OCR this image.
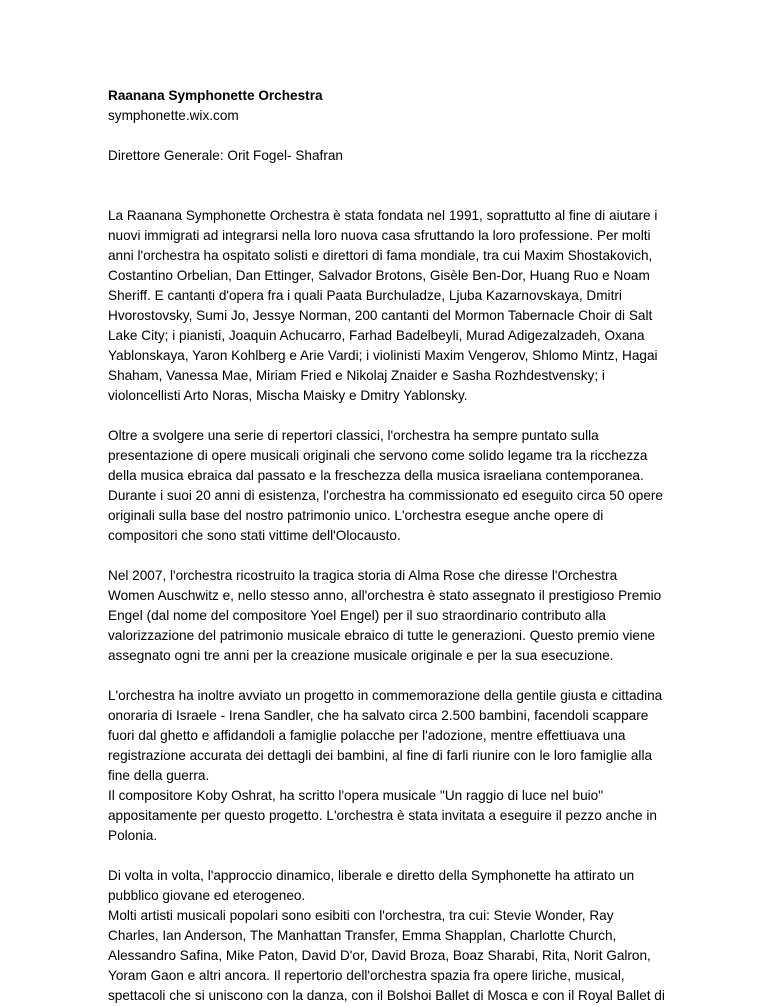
Raanana Symphonette Orchestra
symphonette.wix.com
Direttore Generale: Orit Fogel- Shafran

La Raanana Symphonette Orchestra è stata fondata nel 1991, soprattutto al fine di aiutare i
nuovi immigrati ad integrarsi nella loro nuova casa sfruttando la loro professione. Per molti
anni l'orchestra ha ospitato solisti e direttori di fama mondiale, tra cui Maxim Shostakovich,
Costantino Orbelian, Dan Ettinger, Salvador Brotons, Gisèle Ben-Dor, Huang Ruo e Noam
Sheriff. E cantanti d'opera fra i quali Paata Burchuladze, Ljuba Kazarnovskaya, Dmitri
Hvorostovsky, Sumi Jo, Jessye Norman, 200 cantanti del Mormon Tabernacle Choir di Salt
Lake City; i pianisti, Joaquin Achucarro, Farhad Badelbeyli, Murad Adigezalzadeh, Oxana
Yablonskaya, Yaron Kohlberg e Arie Vardi; i violinisti Maxim Vengerov, Shlomo Mintz, Hagai
Shaham, Vanessa Mae, Miriam Fried e Nikolaj Znaider e Sasha Rozhdestvensky; i
violoncellisti Arto Noras, Mischa Maisky e Dmitry Yablonsky.

Oltre a svolgere una serie di repertori classici, l'orchestra ha sempre puntato sulla
presentazione di opere musicali originali che servono come solido legame tra la ricchezza
della musica ebraica dal passato e la freschezza della musica israeliana contemporanea.
Durante i suoi 20 anni di esistenza, l'orchestra ha commissionato ed eseguito circa 50 opere
originali sulla base del nostro patrimonio unico. L'orchestra esegue anche opere di
compositori che sono stati vittime dell'Olocausto.

Nel 2007, l'orchestra ricostruito la tragica storia di Alma Rose che diresse l'Orchestra
Women Auschwitz e, nello stesso anno, all'orchestra è stato assegnato il prestigioso Premio
Engel (dal nome del compositore Yoel Engel) per il suo straordinario contributo alla
valorizzazione del patrimonio musicale ebraico di tutte le generazioni. Questo premio viene
assegnato ogni tre anni per la creazione musicale originale e per la sua esecuzione.

L'orchestra ha inoltre avviato un progetto in commemorazione della gentile giusta e cittadina
onoraria di Israele - Irena Sandler, che ha salvato circa 2.500 bambini, facendoli scappare
fuori dal ghetto e affidandoli a famiglie polacche per l'adozione, mentre effettiuava una
registrazione accurata dei dettagli dei bambini, al fine di farli riunire con le loro famiglie alla
fine della guerra.
Il compositore Koby Oshrat, ha scritto l'opera musicale "Un raggio di luce nel buio"
appositamente per questo progetto. L'orchestra è stata invitata a eseguire il pezzo anche in
Polonia.

Di volta in volta, l'approccio dinamico, liberale e diretto della Symphonette ha attirato un
pubblico giovane ed eterogeneo.
Molti artisti musicali popolari sono esibiti con l'orchestra, tra cui: Stevie Wonder, Ray
Charles, Ian Anderson, The Manhattan Transfer, Emma Shapplan, Charlotte Church,
Alessandro Safina, Mike Paton, David D'or, David Broza, Boaz Sharabi, Rita, Norit Galron,
Yoram Gaon e altri ancora. Il repertorio dell'orchestra spazia fra opere liriche, musical,
spettacoli che si uniscono con la danza, con il Bolshoi Ballet di Mosca e con il Royal Ballet di
